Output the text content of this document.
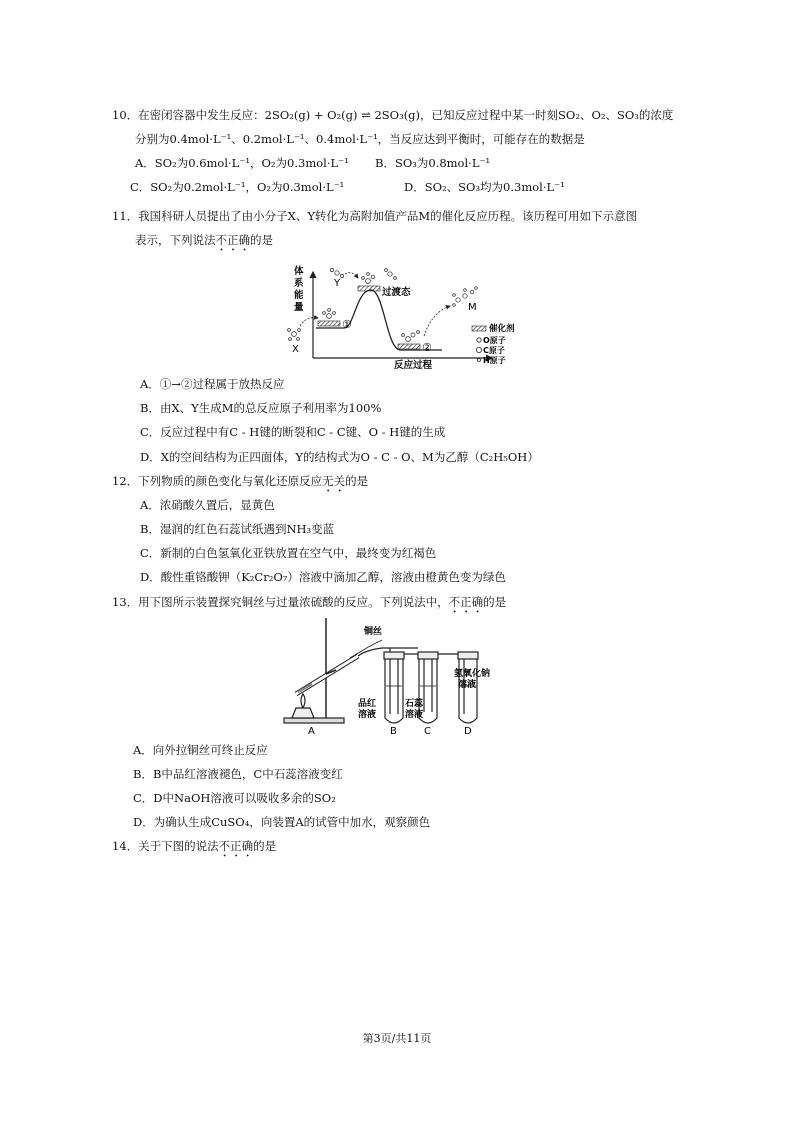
10．在密闭容器中发生反应：2SO₂(g) + O₂(g) ⇌ 2SO₃(g)，已知反应过程中某一时刻SO₂、O₂、SO₃的浓度
分别为0.4mol·L⁻¹、0.2mol·L⁻¹、0.4mol·L⁻¹，当反应达到平衡时，可能存在的数据是
A．SO₂为0.6mol·L⁻¹，O₂为0.3mol·L⁻¹ B．SO₃为0.8mol·L⁻¹
C．SO₂为0.2mol·L⁻¹，O₂为0.3mol·L⁻¹	D．SO₂、SO₃均为0.3mol·L⁻¹
11．我国科研人员提出了由小分子X、Y转化为高附加值产品M的催化反应历程。该历程可用如下示意图
表示，下列说法不正确的是
体
系
能
量
①
②
过渡态
反应过程
X
Y
M
催化剂
O原子
C原子
H原子
A．①→②过程属于放热反应
B．由X、Y生成M的总反应原子利用率为100%
C．反应过程中有C - H键的断裂和C - C键、O - H键的生成
D．X的空间结构为正四面体，Y的结构式为O - C - O、M为乙醇（C₂H₅OH）
12．下列物质的颜色变化与氧化还原反应无关的是
A．浓硝酸久置后，显黄色
B．湿润的红色石蕊试纸遇到NH₃变蓝
C．新制的白色氢氧化亚铁放置在空气中，最终变为红褐色
D．酸性重铬酸钾（K₂Cr₂O₇）溶液中滴加乙醇，溶液由橙黄色变为绿色
13．用下图所示装置探究铜丝与过量浓硫酸的反应。下列说法中，不正确的是
铜丝
品红
溶液
石蕊
溶液
氢氧化钠
溶液
A	B	C	D
A．向外拉铜丝可终止反应
B．B中品红溶液褪色，C中石蕊溶液变红
C．D中NaOH溶液可以吸收多余的SO₂
D．为确认生成CuSO₄，向装置A的试管中加水，观察颜色
14．关于下图的说法不正确的是
第3页/共11页
